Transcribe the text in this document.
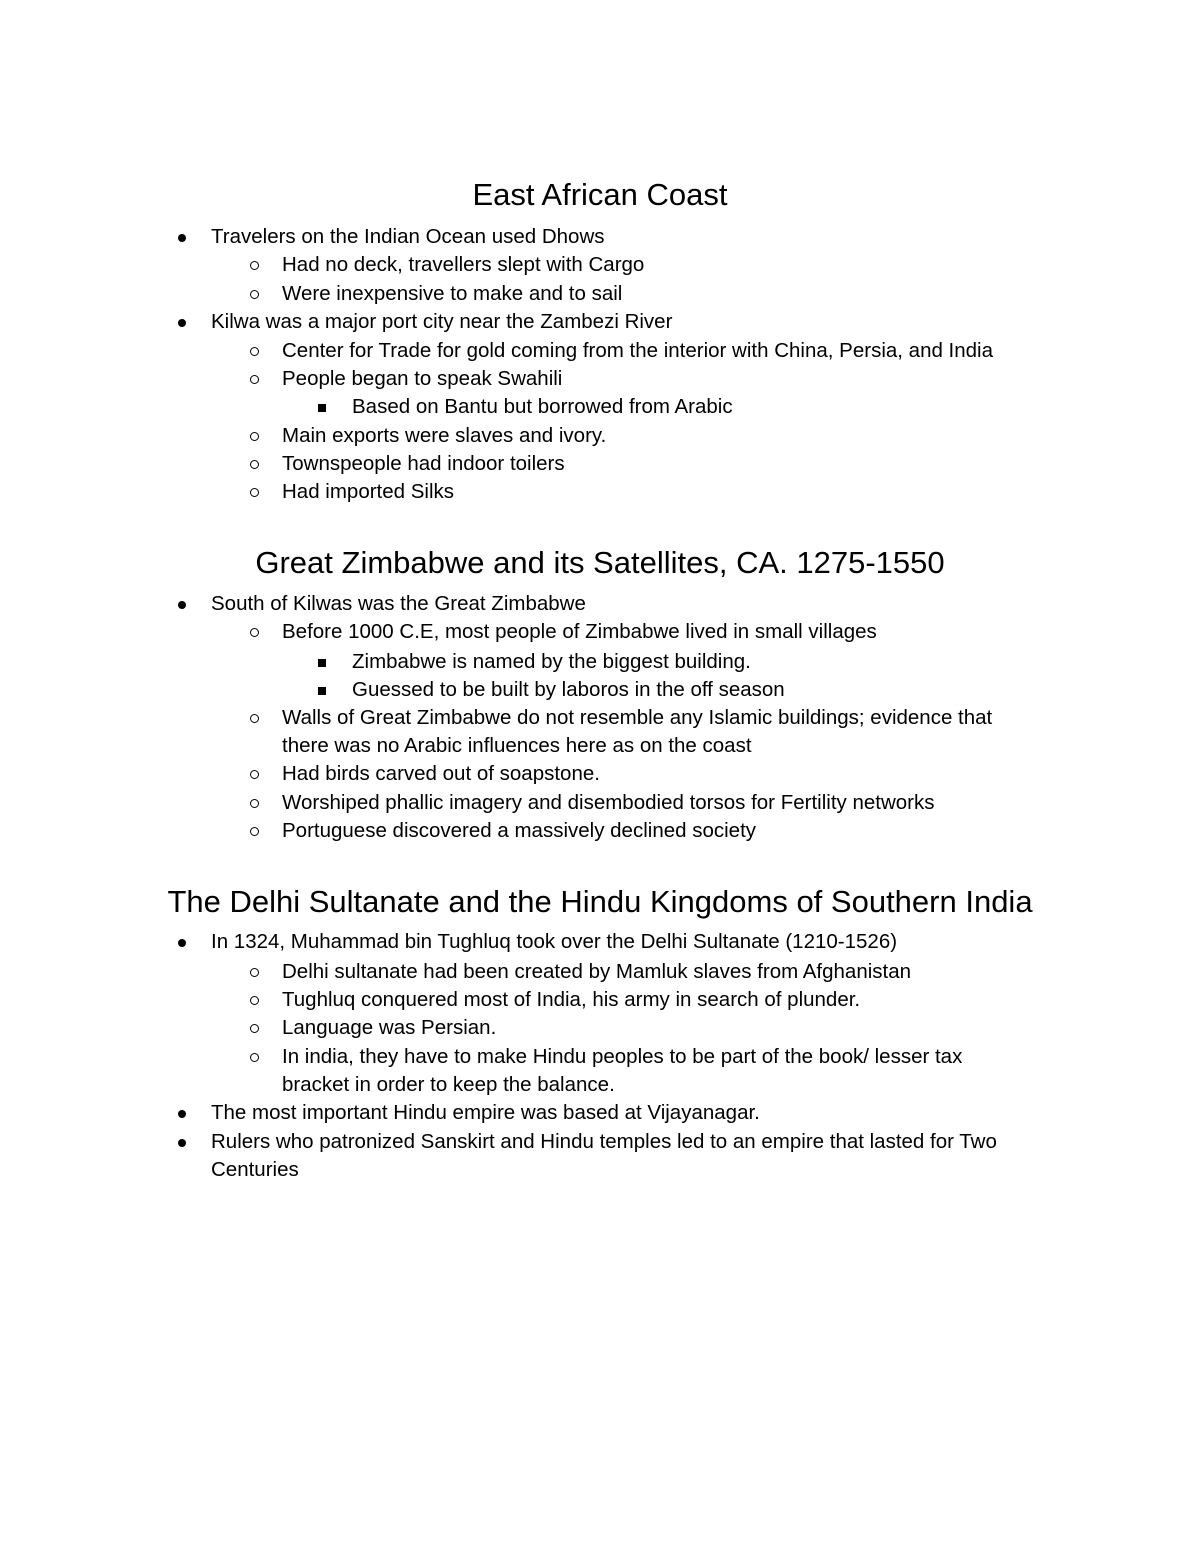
East African Coast
Travelers on the Indian Ocean used Dhows
Had no deck, travellers slept with Cargo
Were inexpensive to make and to sail
Kilwa was a major port city near the Zambezi River
Center for Trade for gold coming from the interior with China, Persia, and India
People began to speak Swahili
Based on Bantu but borrowed from Arabic
Main exports were slaves and ivory.
Townspeople had indoor toilers
Had imported Silks
Great Zimbabwe and its Satellites, CA. 1275-1550
South of Kilwas was the Great Zimbabwe
Before 1000 C.E, most people of Zimbabwe lived in small villages
Zimbabwe is named by the biggest building.
Guessed to be built by laboros in the off season
Walls of Great Zimbabwe do not resemble any Islamic buildings; evidence that
there was no Arabic influences here as on the coast
Had birds carved out of soapstone.
Worshiped phallic imagery and disembodied torsos for Fertility networks
Portuguese discovered a massively declined society
The Delhi Sultanate and the Hindu Kingdoms of Southern India
In 1324, Muhammad bin Tughluq took over the Delhi Sultanate (1210-1526)
Delhi sultanate had been created by Mamluk slaves from Afghanistan
Tughluq conquered most of India, his army in search of plunder.
Language was Persian.
In india, they have to make Hindu peoples to be part of the book/ lesser tax
bracket in order to keep the balance.
The most important Hindu empire was based at Vijayanagar.
Rulers who patronized Sanskirt and Hindu temples led to an empire that lasted for Two
Centuries
